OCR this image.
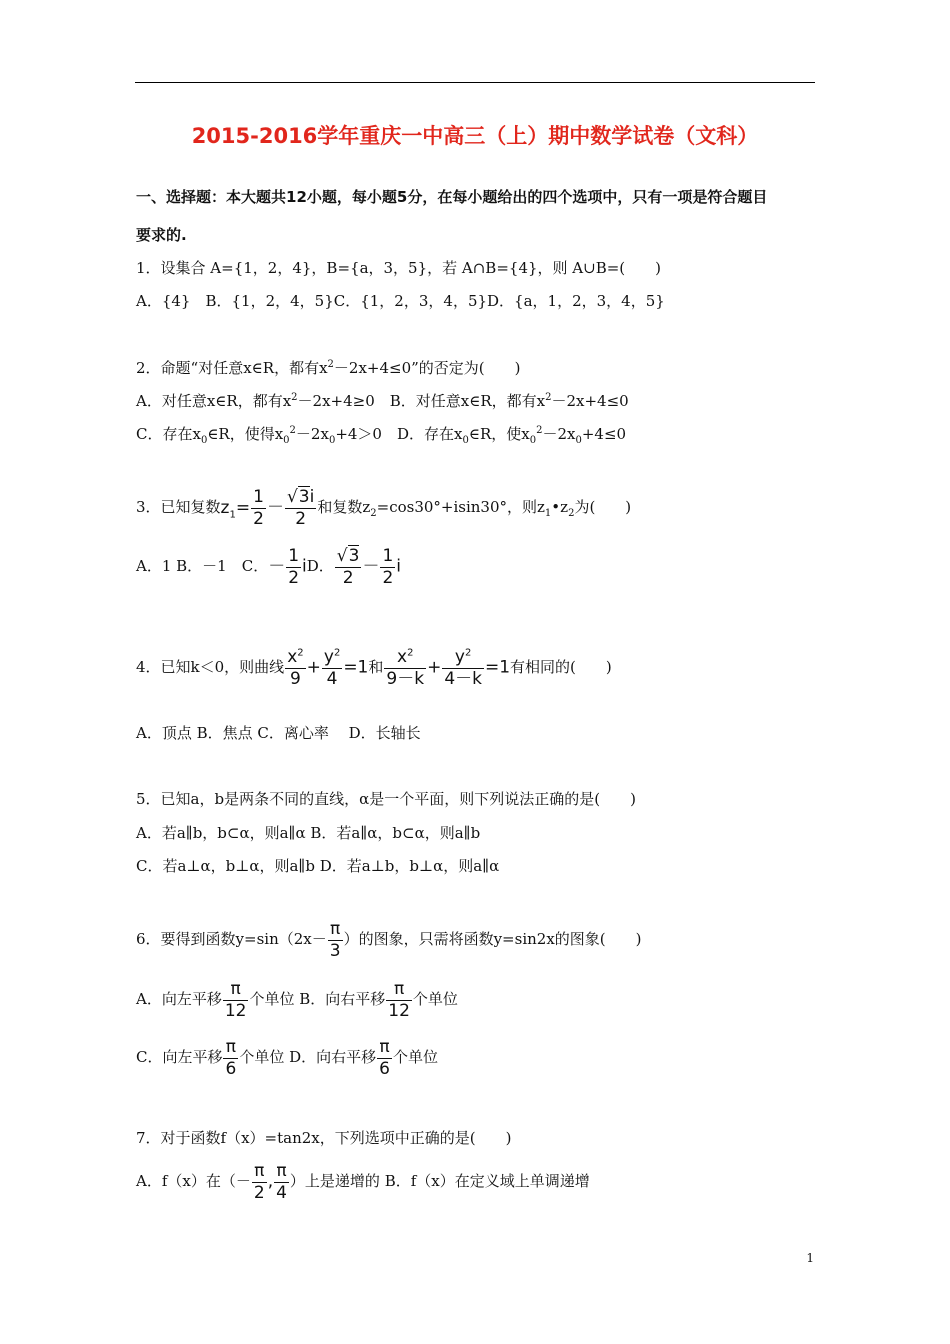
2015-2016学年重庆一中高三（上）期中数学试卷（文科）
一、选择题：本大题共12小题，每小题5分，在每小题给出的四个选项中，只有一项是符合题目
要求的.
1．设集合 A={1，2，4}，B={a，3，5}，若 A∩B={4}，则 A∪B=(　　)
A．{4}　B．{1，2，4，5}C．{1，2，3，4，5}D．{a，1，2，3，4，5}
2．命题“对任意x∈R，都有$x^2-2x+4\le 0$”的否定为(　　)
A．对任意x∈R，都有$x^2-2x+4\ge 0$　B．对任意x∈R，都有$x^2-2x+4\le 0$
C．存在$x_0\in R$，使得$x_0^2-2x_0+4>0$　D．存在$x_0\in R$，使$x_0^2-2x_0+4\le 0$
3．已知复数$z_1= \frac{1}{2} - \frac{√3i}{2}$ 和复数$z_2=\cos 30^\circ+isin30^\circ$，则$z_1•z_2$为(　　)
A．1 B．－1　C．－ $\frac{1}{2}$ iD． $\frac{√3}{2} - \frac{1}{2}$ i
4．已知k＜0，则曲线 $\frac{x^2}{9} + \frac{y^2}{4} =1$和 $\frac{x^2}{9-k} + \frac{y^2}{4-k} =1$有相同的(　　)
A．顶点 B．焦点 C．离心率　 D．长轴长
5．已知a，b是两条不同的直线，α是一个平面，则下列说法正确的是(　　)
A．若a∥b，b⊂α，则a∥α B．若a∥α，b⊂α，则a∥b
C．若a⊥α，b⊥α，则a∥b D．若a⊥b，b⊥α，则a∥α
6．要得到函数$y=\sin(2x- \frac{\pi}{3}$ ）的图象，只需将函数y=sin2x的图象(　　)
A．向左平移 $\frac{\pi}{12}$ 个单位 B．向右平移 $\frac{\pi}{12}$ 个单位
C．向左平移 $\frac{\pi}{6}$ 个单位 D．向右平移 $\frac{\pi}{6}$ 个单位
7．对于函数f（x）=tan2x，下列选项中正确的是(　　)
A．f（x）在（－ $\frac{\pi}{2}$ , $\frac{\pi}{4}$ ）上是递增的 B．f（x）在定义域上单调递增
1
